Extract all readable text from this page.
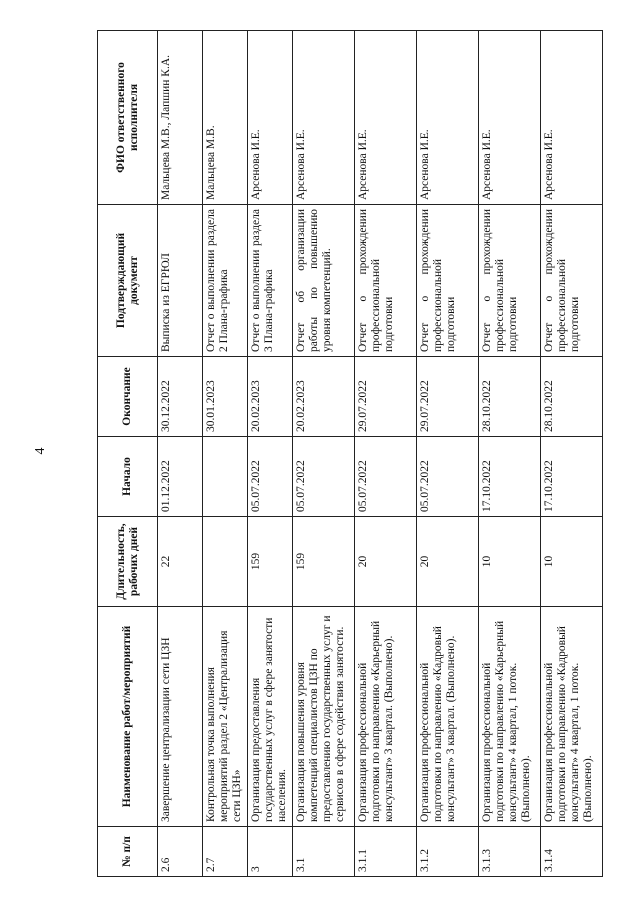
4
№ п/п	Наименование работ/мероприятий	Длительность, рабочих дней	Начало	Окончание	Подтверждающий документ	ФИО ответственного исполнителя
2.6	Завершение централизации сети ЦЗН	22	01.12.2022	30.12.2022	Выписка из ЕГРЮЛ	Мальцева М.В., Лапшин К.А.
2.7	Контрольная точка выполнения мероприятий раздел 2 «Централизация сети ЦЗН»			30.01.2023	Отчет о выполнении раздела 2 Плана-графика	Мальцева М.В.
3	Организация предоставления государственных услуг в сфере занятости населения.	159	05.07.2022	20.02.2023	Отчет о выполнении раздела 3 Плана-графика	Арсенова И.Е.
3.1	Организация повышения уровня компетенций специалистов ЦЗН по предоставлению государственных услуг и сервисов в сфере содействия занятости.	159	05.07.2022	20.02.2023	Отчет об организации работы по повышению уровня компетенций.	Арсенова И.Е.
3.1.1	Организация профессиональной подготовки по направлению «Карьерный консультант» 3 квартал. (Выполнено).	20	05.07.2022	29.07.2022	Отчет о прохождении профессиональной подготовки	Арсенова И.Е.
3.1.2	Организация профессиональной подготовки по направлению «Кадровый консультант» 3 квартал. (Выполнено).	20	05.07.2022	29.07.2022	Отчет о прохождении профессиональной подготовки	Арсенова И.Е.
3.1.3	Организация профессиональной подготовки по направлению «Карьерный консультант» 4 квартал, 1 поток. (Выполнено).	10	17.10.2022	28.10.2022	Отчет о прохождении профессиональной подготовки	Арсенова И.Е.
3.1.4	Организация профессиональной подготовки по направлению «Кадровый консультант» 4 квартал, 1 поток. (Выполнено).	10	17.10.2022	28.10.2022	Отчет о прохождении профессиональной подготовки	Арсенова И.Е.
